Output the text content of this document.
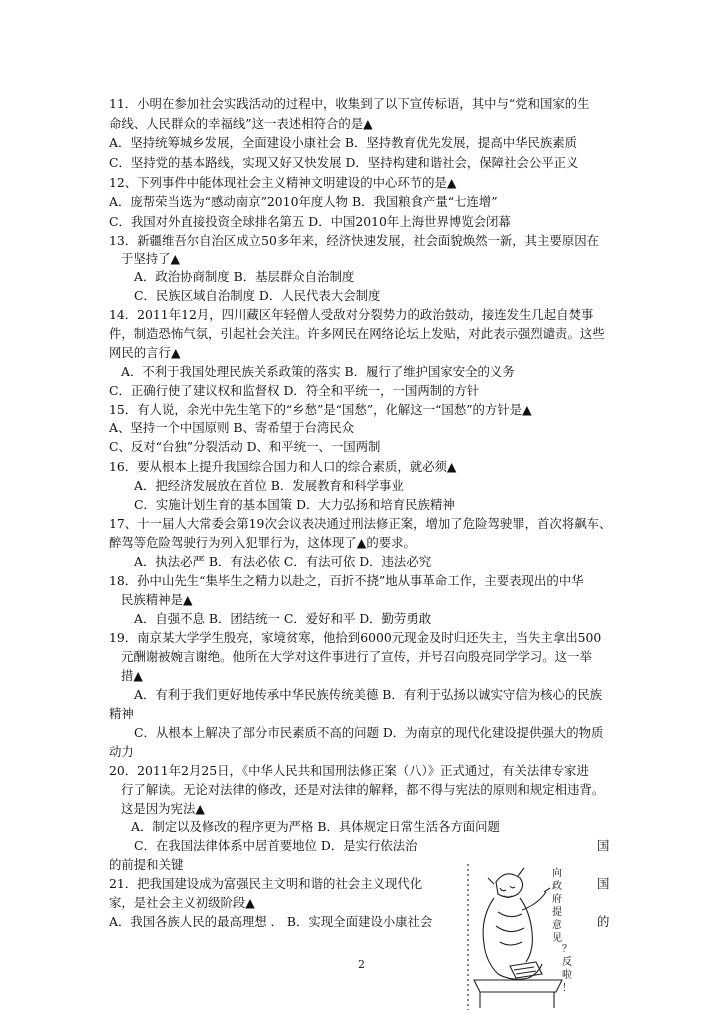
11．小明在参加社会实践活动的过程中，收集到了以下宣传标语，其中与“党和国家的生
命线、人民群众的幸福线”这一表述相符合的是▲
A．坚持统筹城乡发展，全面建设小康社会 B．坚持教育优先发展，提高中华民族素质
C．坚持党的基本路线，实现又好又快发展 D．坚持构建和谐社会，保障社会公平正义
12、下列事件中能体现社会主义精神文明建设的中心环节的是▲
A．庞帮荣当选为“感动南京”2010年度人物 B．我国粮食产量“七连增”
C．我国对外直接投资全球排名第五 D．中国2010年上海世界博览会闭幕
13．新疆维吾尔自治区成立50多年来，经济快速发展，社会面貌焕然一新，其主要原因在
于坚持了▲
A．政治协商制度 B．基层群众自治制度
C．民族区域自治制度 D．人民代表大会制度
14．2011年12月，四川藏区年轻僧人受敌对分裂势力的政治鼓动，接连发生几起自焚事
件，制造恐怖气氛，引起社会关注。许多网民在网络论坛上发贴，对此表示强烈谴责。这些
网民的言行▲
A．不利于我国处理民族关系政策的落实 B．履行了维护国家安全的义务
C．正确行使了建议权和监督权 D．符全和平统一，一国两制的方针
15．有人说，余光中先生笔下的“乡愁”是“国愁”，化解这一“国愁”的方针是▲
A、坚持一个中国原则 B、寄希望于台湾民众
C、反对“台独”分裂活动 D、和平统一、一国两制
16．要从根本上提升我国综合国力和人口的综合素质，就必须▲
A．把经济发展放在首位 B．发展教育和科学事业
C．实施计划生育的基本国策 D．大力弘扬和培育民族精神
17、十一届人大常委会第19次会议表决通过刑法修正案，增加了危险驾驶罪，首次将飙车、
醉驾等危险驾驶行为列入犯罪行为，这体现了▲的要求。
A．执法必严 B．有法必依 C．有法可依 D．违法必究
18．孙中山先生“集毕生之精力以赴之，百折不挠”地从事革命工作，主要表现出的中华
民族精神是▲
A．自强不息 B．团结统一 C．爱好和平 D．勤劳勇敢
19．南京某大学学生殷亮，家境贫寒，他拾到6000元现金及时归还失主，当失主拿出500
元酬谢被婉言谢绝。他所在大学对这件事进行了宣传，并号召向殷亮同学学习。这一举
措▲
A．有利于我们更好地传承中华民族传统美德 B．有利于弘扬以诚实守信为核心的民族
精神
C．从根本上解决了部分市民素质不高的问题 D．为南京的现代化建设提供强大的物质
动力
20．2011年2月25日，《中华人民共和国刑法修正案（八）》正式通过，有关法律专家进
行了解读。无论对法律的修改，还是对法律的解释，都不得与宪法的原则和规定相违背。
这是因为宪法▲
A．制定以及修改的程序更为严格 B．具体规定日常生活各方面问题
C．在我国法律体系中居首要地位 D．是实行依法治	国
的前提和关键
21．把我国建设成为富强民主文明和谐的社会主义现代化	国
家，是社会主义初级阶段▲
A．我国各族人民的最高理想 ． B．实现全面建设小康社会	的
2
向
政
府
提
意
见
？
反
啦
！
